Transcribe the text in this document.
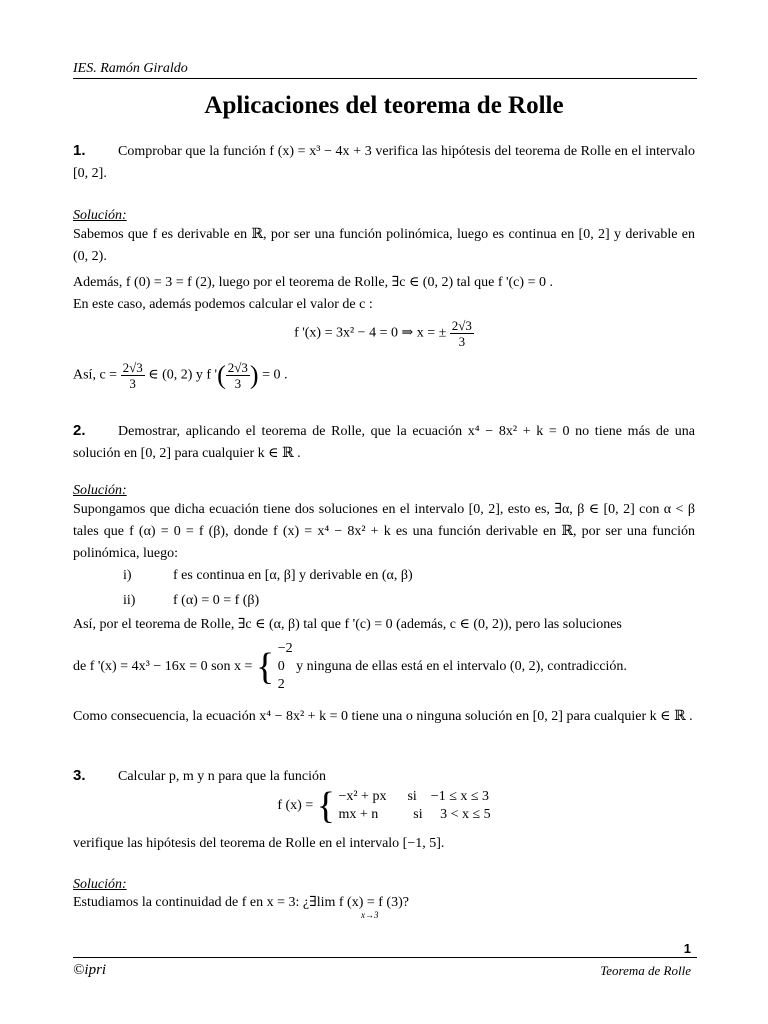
IES. Ramón Giraldo
Aplicaciones del teorema de Rolle
1. Comprobar que la función f (x) = x³ − 4x + 3 verifica las hipótesis del teorema de Rolle en el intervalo [0, 2].
Solución:
Sabemos que f es derivable en ℝ, por ser una función polinómica, luego es continua en [0, 2] y derivable en (0, 2).
Además, f (0) = 3 = f (2), luego por el teorema de Rolle, ∃c ∈ (0, 2) tal que f '(c) = 0 .
En este caso, además podemos calcular el valor de c :
f '(x) = 3x² − 4 = 0 ⇒ x = ± $\frac{2√3}{3}$
Así, $c = \frac{2√3}{3}$ ∈ (0, 2) y f '( $\frac{2√3}{3}) = 0$ .
2. Demostrar, aplicando el teorema de Rolle, que la ecuación x⁴ − 8x² + k = 0 no tiene más de una solución en [0, 2] para cualquier k ∈ ℝ .
Solución:
Supongamos que dicha ecuación tiene dos soluciones en el intervalo [0, 2], esto es, ∃α, β ∈ [0, 2] con α < β tales que f (α) = 0 = f (β), donde f (x) = x⁴ − 8x² + k es una función derivable en ℝ, por ser una función polinómica, luego:
i)	f es continua en [α, β] y derivable en (α, β)
ii)	f (α) = 0 = f (β)
Así, por el teorema de Rolle, ∃c ∈ (α, β) tal que f '(c) = 0 (además, c ∈ (0, 2)), pero las soluciones
de f '(x) = 4x³ − 16x = 0 son x = { −2
0
2
y ninguna de ellas está en el intervalo (0, 2), contradicción.
Como consecuencia, la ecuación x⁴ − 8x² + k = 0 tiene una o ninguna solución en [0, 2] para cualquier k ∈ ℝ .
3. Calcular p, m y n para que la función
f (x) = { −x² + px      si    −1 ≤ x ≤ 3
mx + n          si     3 < x ≤ 5
verifique las hipótesis del teorema de Rolle en el intervalo [−1, 5].
Solución:
Estudiamos la continuidad de f en x = 3: ¿∃lim f (x) = f (3)?
x→3
1
©ipri	Teorema de Rolle
